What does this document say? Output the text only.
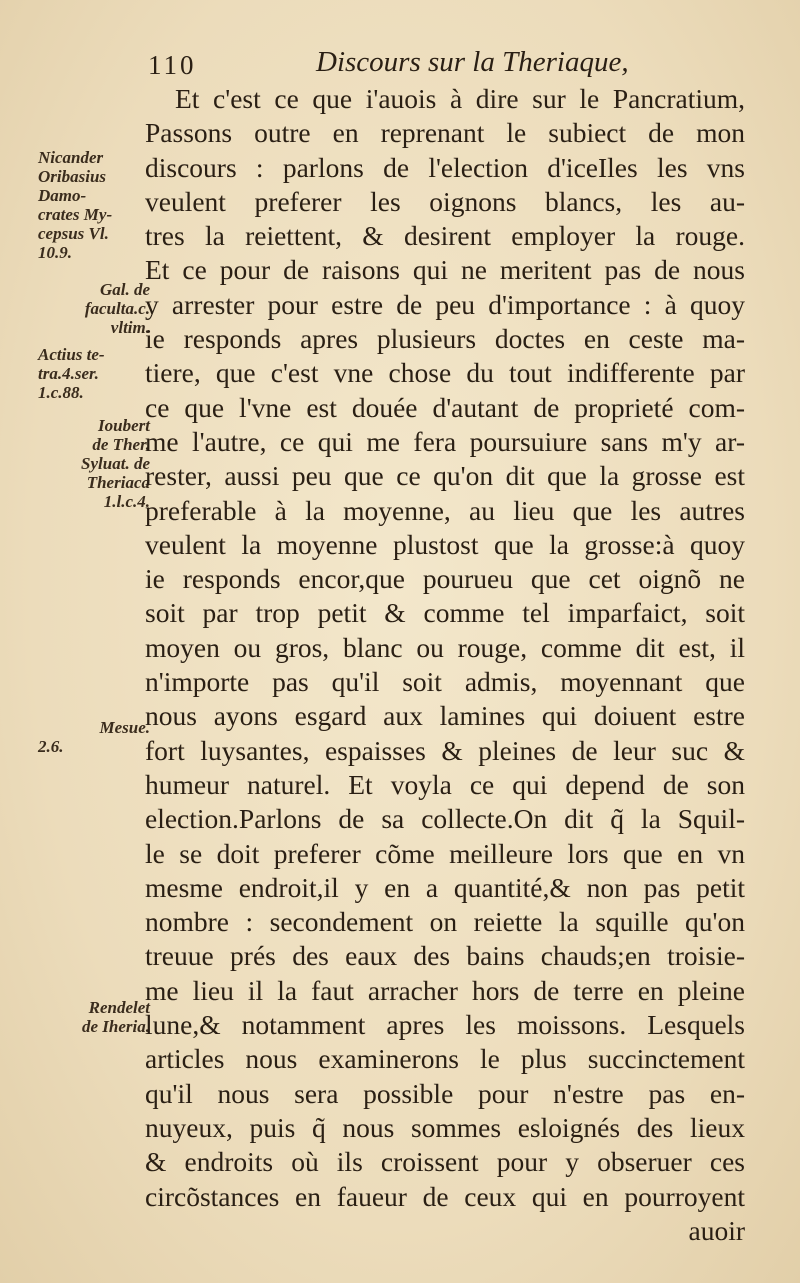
110	Discours sur la Theriaque,
Nicander
Oribasius
Damo-
crates My-
cepsus Vl.
10.9.
Gal. de
faculta.c.
vltim.
Actius te-
tra.4.ser.
1.c.88.
Ioubert
de Ther.
Syluat. de
Theriaca
1.l.c.4.
Mesue.
2.6.
Rendelet
de Iheria.
Et c'est ce que i'auois à dire sur le Pancratium,
Passons outre en reprenant le subiect de mon
discours : parlons de l'election d'iceIles les vns
veulent preferer les oignons blancs, les au-
tres la reiettent, & desirent employer la rouge.
Et ce pour de raisons qui ne meritent pas de nous
y arrester pour estre de peu d'importance : à quoy
ie responds apres plusieurs doctes en ceste ma-
tiere, que c'est vne chose du tout indifferente par
ce que l'vne est douée d'autant de proprieté com-
me l'autre, ce qui me fera poursuiure sans m'y ar-
rester, aussi peu que ce qu'on dit que la grosse est
preferable à la moyenne, au lieu que les autres
veulent la moyenne plustost que la grosse:à quoy
ie responds encor,que pourueu que cet oignõ ne
soit par trop petit & comme tel imparfaict, soit
moyen ou gros, blanc ou rouge, comme dit est, il
n'importe pas qu'il soit admis, moyennant que
nous ayons esgard aux lamines qui doiuent estre
fort luysantes, espaisses & pleines de leur suc &
humeur naturel. Et voyla ce qui depend de son
election.Parlons de sa collecte.On dit q̃ la Squil-
le se doit preferer cõme meilleure lors que en vn
mesme endroit,il y en a quantité,& non pas petit
nombre : secondement on reiette la squille qu'on
treuue prés des eaux des bains chauds;en troisie-
me lieu il la faut arracher hors de terre en pleine
lune,& notamment apres les moissons. Lesquels
articles nous examinerons le plus succinctement
qu'il nous sera possible pour n'estre pas en-
nuyeux, puis q̃ nous sommes esloignés des lieux
& endroits où ils croissent pour y obseruer ces
circõstances en faueur de ceux qui en pourroyent
auoir
